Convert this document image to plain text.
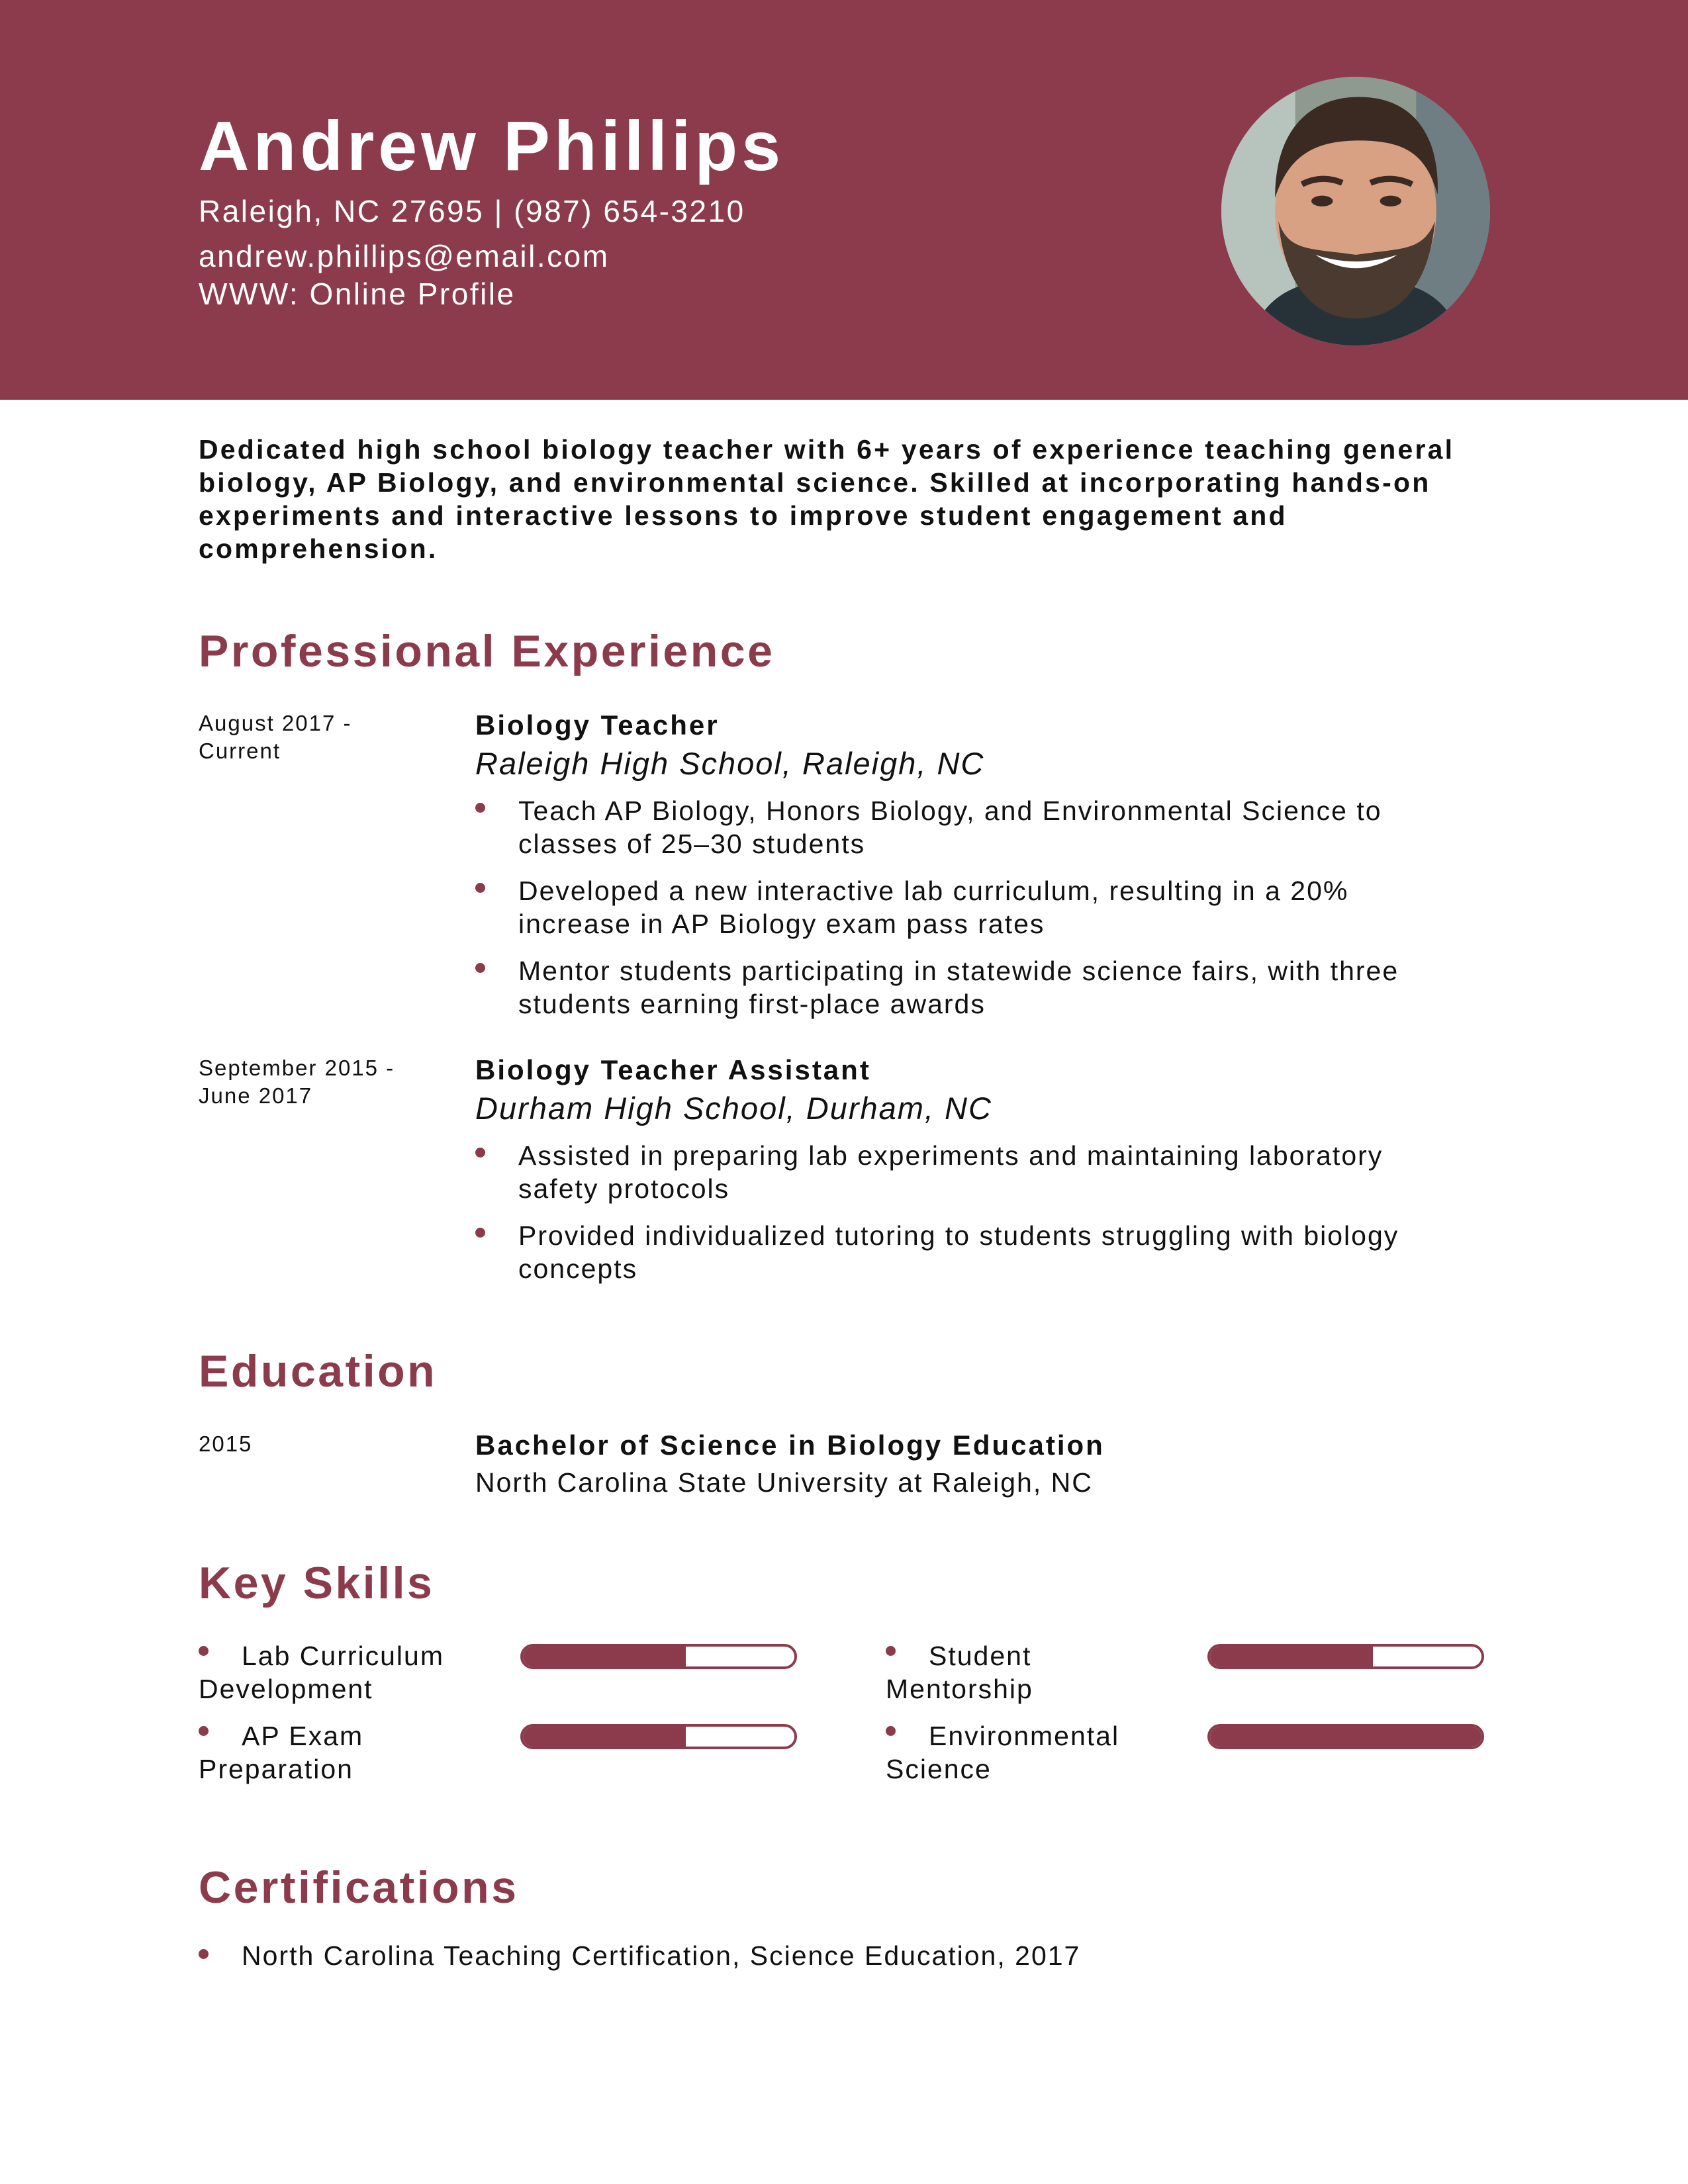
Andrew Phillips
Raleigh, NC 27695 | (987) 654-3210
andrew.phillips@email.com
WWW: Online Profile

Dedicated high school biology teacher with 6+ years of experience teaching general biology, AP Biology, and environmental science. Skilled at incorporating hands-on experiments and interactive lessons to improve student engagement and comprehension.

Professional Experience
August 2017 -
Current
Biology Teacher
Raleigh High School, Raleigh, NC
Teach AP Biology, Honors Biology, and Environmental Science to classes of 25–30 students
Developed a new interactive lab curriculum, resulting in a 20% increase in AP Biology exam pass rates
Mentor students participating in statewide science fairs, with three students earning first-place awards
September 2015 -
June 2017
Biology Teacher Assistant
Durham High School, Durham, NC
Assisted in preparing lab experiments and maintaining laboratory safety protocols
Provided individualized tutoring to students struggling with biology concepts
Education
2015	Bachelor of Science in Biology Education
North Carolina State University at Raleigh, NC
Key Skills
Lab Curriculum
Development
Student
Mentorship
AP Exam
Preparation
Environmental
Science
Certifications
North Carolina Teaching Certification, Science Education, 2017
